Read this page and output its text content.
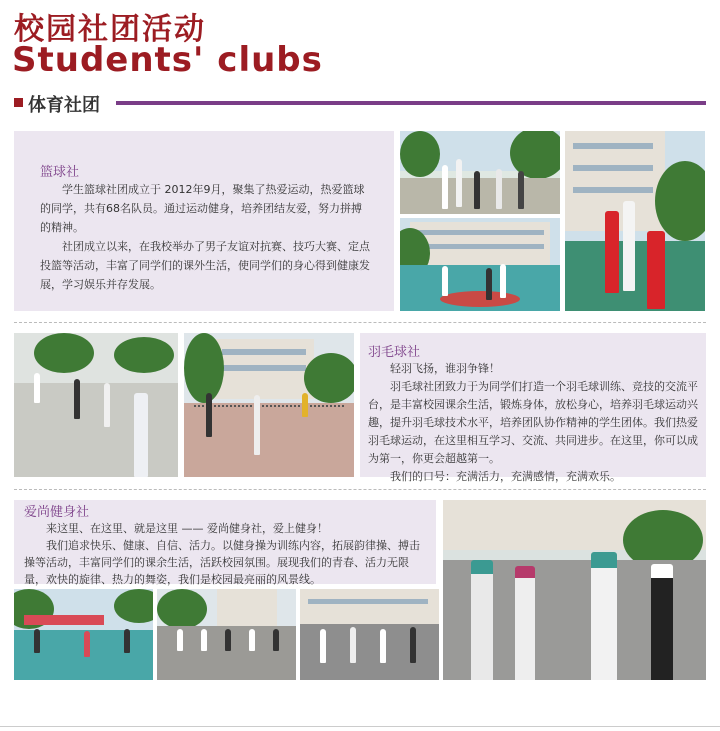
校园社团活动
Students' clubs
体育社团
篮球社

学生篮球社团成立于 2012年9月，聚集了热爱运动，热爱篮球的同学，共有68名队员。通过运动健身，培养团结友爱，努力拼搏的精神。

社团成立以来，在我校举办了男子友谊对抗赛、技巧大赛、定点投篮等活动，丰富了同学们的课外生活，使同学们的身心得到健康发展，学习娱乐并存发展。

羽毛球社

轻羽飞扬，谁羽争锋！

羽毛球社团致力于为同学们打造一个羽毛球训练、竞技的交流平台，是丰富校园课余生活，锻炼身体，放松身心，培养羽毛球运动兴趣，提升羽毛球技术水平，培养团队协作精神的学生团体。我们热爱羽毛球运动，在这里相互学习、交流、共同进步。在这里，你可以成为第一，你更会超越第一。

我们的口号：充满活力，充满感情，充满欢乐。

爱尚健身社

来这里、在这里、就是这里 —— 爱尚健身社，爱上健身！

我们追求快乐、健康、自信、活力。以健身操为训练内容，拓展韵律操、搏击操等活动，丰富同学们的课余生活，活跃校园氛围。展现我们的青春、活力无限量，欢快的旋律、热力的舞姿，我们是校园最亮丽的风景线。
